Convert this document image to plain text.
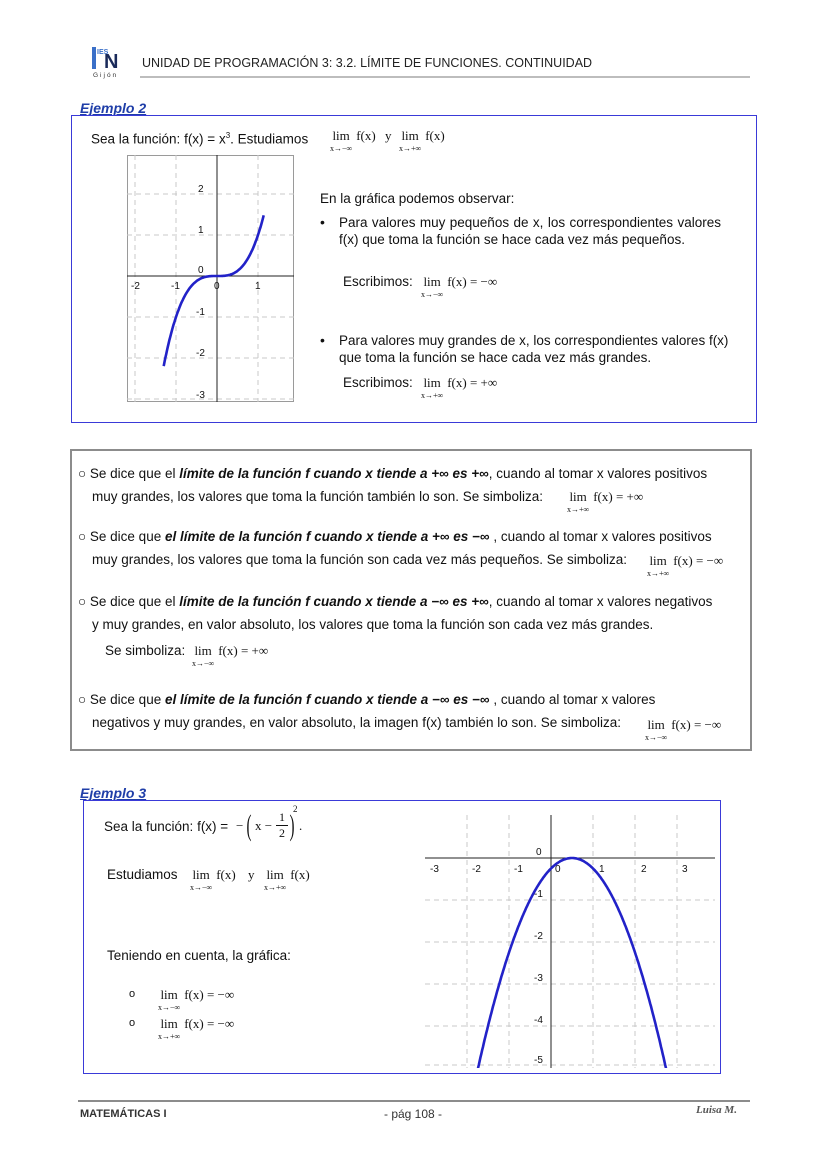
IES
N
Gijón
UNIDAD DE PROGRAMACIÓN 3: 3.2. LÍMITE DE FUNCIONES. CONTINUIDAD
Ejemplo 2
Sea la función: $f(x) = x^3$. Estudiamos lim
x→−∞
f(x) y lim
x→+∞
f(x)
-2	-1	0	1
2
1
0
-1
-2
-3
En la gráfica podemos observar:
• Para valores muy pequeños de x, los correspondientes valores f(x) que toma la función se hace cada vez más pequeños.
Escribimos: lim
x→−∞
f(x) = −∞
• Para valores muy grandes de x, los correspondientes valores f(x) que toma la función se hace cada vez más grandes.
Escribimos: lim
x→+∞
f(x) = +∞

○ Se dice que el límite de la función f cuando x tiende a +∞ es +∞, cuando al tomar x valores positivos

muy grandes, los valores que toma la función también lo son. Se simboliza:

○ Se dice que el límite de la función f cuando x tiende a +∞ es −∞ , cuando al tomar x valores positivos

muy grandes, los valores que toma la función son cada vez más pequeños. Se simboliza:

○ Se dice que el límite de la función f cuando x tiende a −∞ es +∞, cuando al tomar x valores negativos

y muy grandes, en valor absoluto, los valores que toma la función son cada vez más grandes.

Se simboliza:

○ Se dice que el límite de la función f cuando x tiende a −∞ es −∞ , cuando al tomar x valores

negativos y muy grandes, en valor absoluto, la imagen f(x) también lo son. Se simboliza:

lim
x→+∞
f(x) = +∞
lim
x→+∞
f(x) = −∞
lim
x→−∞
f(x) = +∞
lim
x→−∞
f(x) = −∞
Ejemplo 3
Sea la función: f(x) = − ( x −
1
2 )
2
.
Estudiamos lim
x→−∞
f(x) y lim
x→+∞
f(x)
Teniendo en cuenta, la gráfica:
o lim
x→−∞
f(x) = −∞
o lim
x→+∞
f(x) = −∞
-3	-2	-1	0	1	2	3
0
-1
-2
-3
-4
-5
MATEMÁTICAS I	- pág 108 -	Luisa M.
